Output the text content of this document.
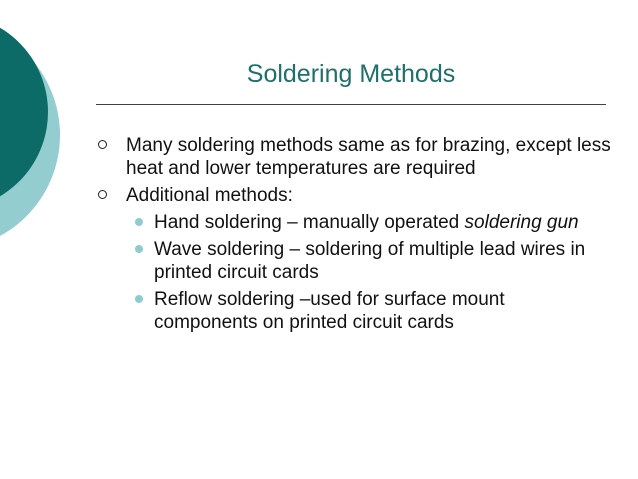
Soldering Methods
Many soldering methods same as for brazing, except less heat and lower temperatures are required
Additional methods:
Hand soldering – manually operated soldering gun
Wave soldering – soldering of multiple lead wires in printed circuit cards
Reflow soldering –used for surface mount components on printed circuit cards
